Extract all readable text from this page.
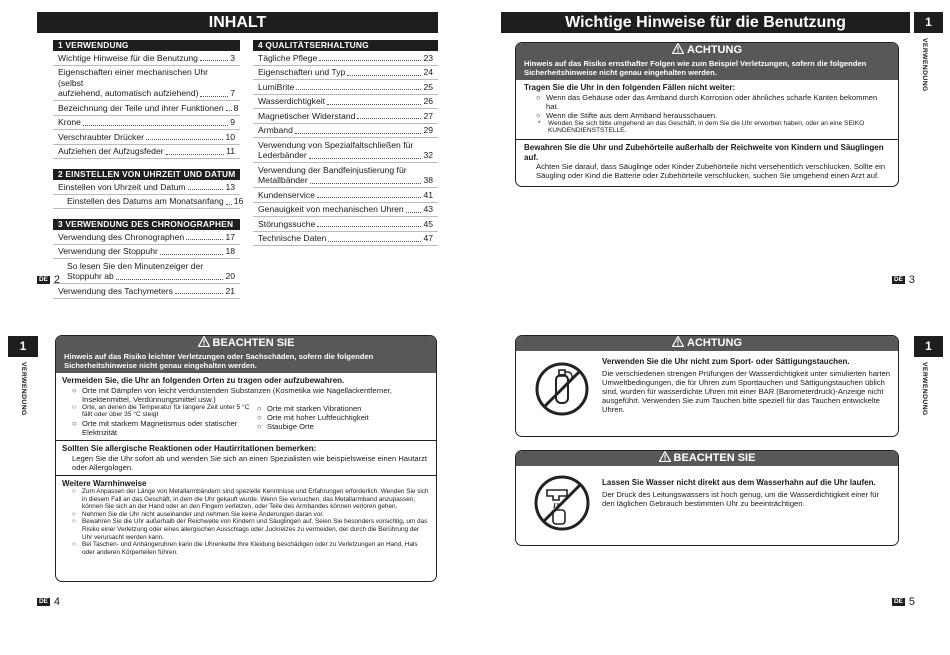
INHALT
1 VERWENDUNG
Wichtige Hinweise für die Benutzung	3
Eigenschaften einer mechanischen Uhr (selbst
aufziehend, automatisch aufziehend)	7
Bezeichnung der Teile und ihrer Funktionen 8
Krone	9
Verschraubter Drücker	10
Aufziehen der Aufzugsfeder	11
2 EINSTELLEN VON UHRZEIT UND DATUM
Einstellen von Uhrzeit und Datum	13
Einstellen des Datums am Monatsanfang 16
3 VERWENDUNG DES CHRONOGRAPHEN
Verwendung des Chronographen	17
Verwendung der Stoppuhr	18
So lesen Sie den Minutenzeiger der
Stoppuhr ab	20
Verwendung des Tachymeters	21
4 QUALITÄTSERHALTUNG
Tägliche Pflege	23
Eigenschaften und Typ	24
LumiBrite	25
Wasserdichtigkeit	26
Magnetischer Widerstand	27
Armband	29
Verwendung von Spezialfaltschließen für
Lederbänder	32
Verwendung der Bandfeinjustierung für
Metallbänder	38
Kundenservice	41
Genauigkeit von mechanischen Uhren 43
Störungssuche	45
Technische Daten	47
DE 2
Wichtige Hinweise für die Benutzung	1
VERWENDUNG
ACHTUNG
Hinweis auf das Risiko ernsthafter Folgen wie zum Beispiel Verletzungen, sofern die folgenden Sicherheitshinweise nicht genau eingehalten werden.
Tragen Sie die Uhr in den folgenden Fällen nicht weiter:
○ Wenn das Gehäuse oder das Armband durch Korrosion oder ähnliches scharfe Kanten bekommen hat.
○ Wenn die Stifte aus dem Armband herausschauen.
*	Wenden Sie sich bitte umgehend an das Geschäft, in dem Sie die Uhr erworben haben, oder an eine SEIKO KUNDENDIENSTSTELLE.
Bewahren Sie die Uhr und Zubehörteile außerhalb der Reichweite von Kindern und Säuglingen auf.
Achten Sie darauf, dass Säuglinge oder Kinder Zubehörteile nicht versehentlich verschlucken. Sollte ein Säugling oder Kind die Batterie oder Zubehörteile verschlucken, suchen Sie umgehend einen Arzt auf.
DE 3
1
VERWENDUNG
BEACHTEN SIE
Hinweis auf das Risiko leichter Verletzungen oder Sachschäden, sofern die folgenden Sicherheitshinweise nicht genau eingehalten werden.
Vermeiden Sie, die Uhr an folgenden Orten zu tragen oder aufzubewahren.
○ Orte mit Dämpfen von leicht verdunstenden Substanzen (Kosmetika wie Nagellackentferner, Insektenmittel, Verdünnungsmittel usw.)
○ Orte, an denen die Temperatur für längere Zeit unter 5 °C fällt oder über 35 °C steigt
○ Orte mit starkem Magnetismus oder statischer Elektrizität
○ Orte mit starken Vibrationen
○ Orte mit hoher Luftfeuchtigkeit
○ Staubige Orte
Sollten Sie allergische Reaktionen oder Hautirritationen bemerken:
Legen Sie die Uhr sofort ab und wenden Sie sich an einen Spezialisten wie beispielsweise einen Hautarzt oder Allergologen.
Weitere Warnhinweise
○ Zum Anpassen der Länge von Metallarmbändern sind spezielle Kenntnisse und Erfahrungen erforderlich. Wenden Sie sich in diesem Fall an das Geschäft, in dem die Uhr gekauft wurde. Wenn Sie versuchen, das Metallarmband anzupassen, können Sie sich an der Hand oder an den Fingern verletzen, oder Teile des Armbandes können verloren gehen.
○ Nehmen Sie die Uhr nicht auseinander und nehmen Sie keine Änderungen daran vor.
○ Bewahren Sie die Uhr außerhalb der Reichweite von Kindern und Säuglingen auf. Seien Sie besonders vorsichtig, um das Risiko einer Verletzung oder eines allergischen Ausschlags oder Juckreizes zu vermeiden, der durch die Berührung der Uhr verursacht werden kann.
○ Bei Taschen- und Anhängeruhren kann die Uhrenkette Ihre Kleidung beschädigen oder zu Verletzungen an Hand, Hals oder anderen Körperteilen führen.
DE 4
1
VERWENDUNG
ACHTUNG
Verwenden Sie die Uhr nicht zum Sport- oder Sättigungstauchen.
Die verschiedenen strengen Prüfungen der Wasserdichtigkeit unter simulierten harten Umweltbedingungen, die für Uhren zum Sporttauchen und Sättigungstauchen üblich sind, wurden für wasserdichte Uhren mit einer BAR (Barometerdruck)-Anzeige nicht ausgeführt. Verwenden Sie zum Tauchen bitte speziell für das Tauchen entwickelte Uhren.
BEACHTEN SIE
Lassen Sie Wasser nicht direkt aus dem Wasserhahn auf die Uhr laufen.
Der Druck des Leitungswassers ist hoch genug, um die Wasserdichtigkeit einer für den täglichen Gebrauch bestimmten Uhr zu beeinträchtigen.
DE 5
